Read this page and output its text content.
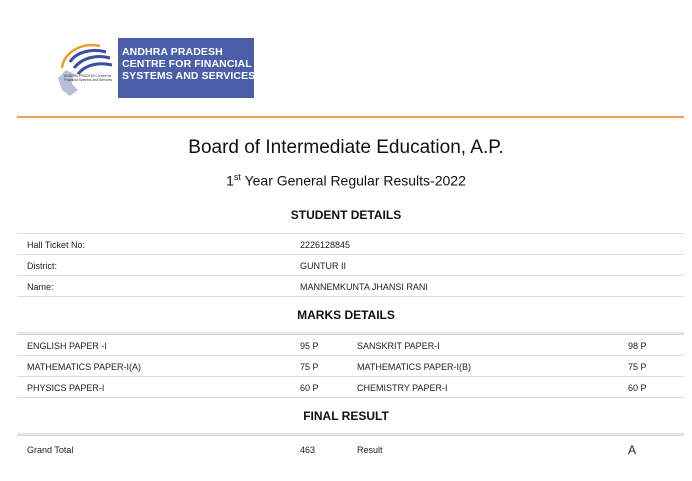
ANDHRA PRADESH Centre for Financial Systems and Services
ANDHRA PRADESH
CENTRE FOR FINANCIAL
SYSTEMS AND SERVICES
Board of Intermediate Education, A.P.
1st Year General Regular Results-2022
STUDENT DETAILS
Hall Ticket No:	2226128845
District:	GUNTUR II
Name:	MANNEMKUNTA JHANSI RANI
MARKS DETAILS
ENGLISH PAPER -I	95 P	SANSKRIT PAPER-I	98 P
MATHEMATICS PAPER-I(A)	75 P	MATHEMATICS PAPER-I(B)	75 P
PHYSICS PAPER-I	60 P	CHEMISTRY PAPER-I	60 P
FINAL RESULT
Grand Total	463	Result	A
